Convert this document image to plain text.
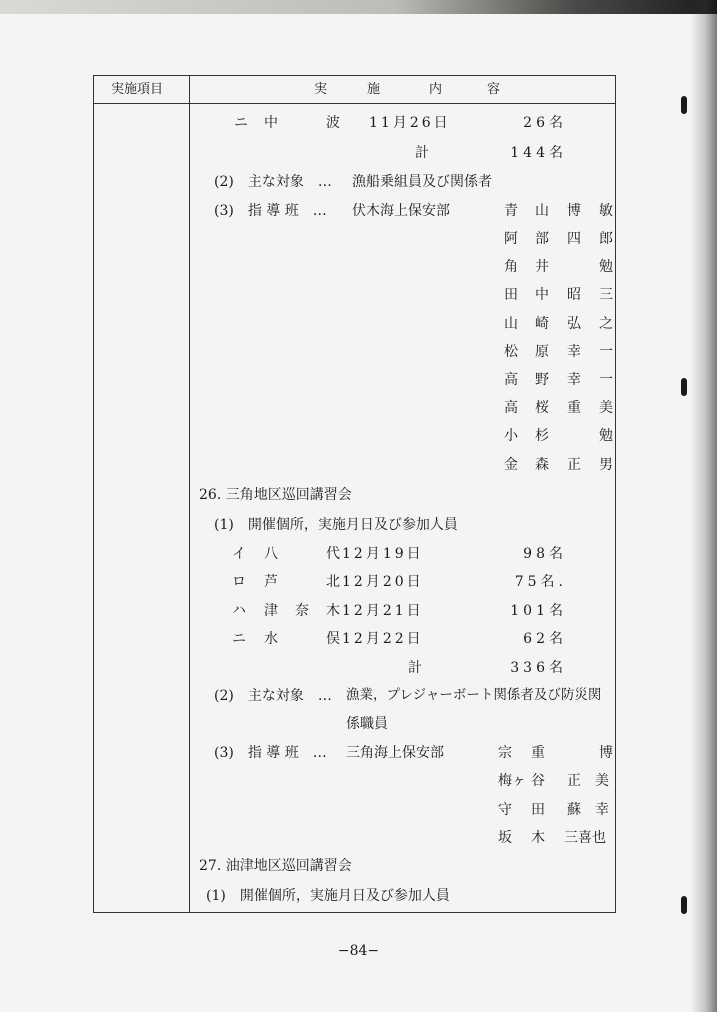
実施項目	実	施	内	容
ニ 中	波 11月26日	26名
計	144名
(2)　主な対象　… 漁船乗組員及び関係者
(3)　指 導 班　… 伏木海上保安部	青 山 博 敏
阿 部 四 郎
角 井	勉
田 中 昭 三
山 崎 弘 之
松 原 幸 一
高 野 幸 一
高 桜 重 美
小 杉	勉
金 森 正 男
26. 三角地区巡回講習会
(1)　開催個所，実施月日及び参加人員
イ 八	代 12月19日	98名
ロ 芦	北 12月20日	75名.
ハ 津 奈 木 12月21日	101名
ニ 水	俣 12月22日	62名
計	336名
(2)　主な対象　… 漁業，プレジャーボート関係者及び防災関
係職員
(3)　指 導 班　… 三角海上保安部	宗 重	博
梅ヶ 谷 正　美
守 田 蘇　幸
坂 木 三喜也
27. 油津地区巡回講習会
(1)　開催個所，実施月日及び参加人員
−84−
